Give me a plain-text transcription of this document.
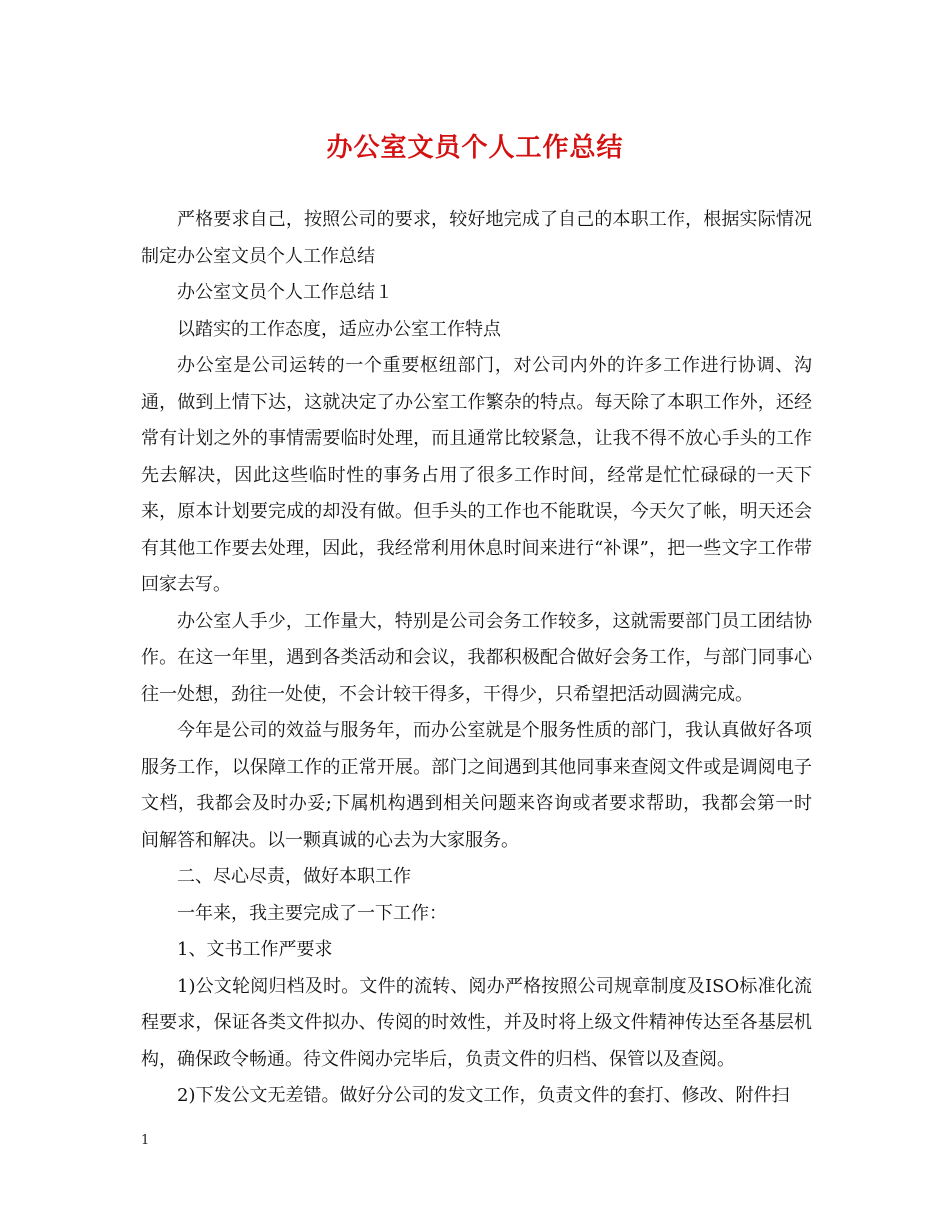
办公室文员个人工作总结

严格要求自己，按照公司的要求，较好地完成了自己的本职工作，根据实际情况制定办公室文员个人工作总结

办公室文员个人工作总结１

以踏实的工作态度，适应办公室工作特点

办公室是公司运转的一个重要枢纽部门，对公司内外的许多工作进行协调、沟通，做到上情下达，这就决定了办公室工作繁杂的特点。每天除了本职工作外，还经常有计划之外的事情需要临时处理，而且通常比较紧急，让我不得不放心手头的工作先去解决，因此这些临时性的事务占用了很多工作时间，经常是忙忙碌碌的一天下来，原本计划要完成的却没有做。但手头的工作也不能耽误，今天欠了帐，明天还会有其他工作要去处理，因此，我经常利用休息时间来进行“补课”，把一些文字工作带回家去写。

办公室人手少，工作量大，特别是公司会务工作较多，这就需要部门员工团结协作。在这一年里，遇到各类活动和会议，我都积极配合做好会务工作，与部门同事心往一处想，劲往一处使，不会计较干得多，干得少，只希望把活动圆满完成。

今年是公司的效益与服务年，而办公室就是个服务性质的部门，我认真做好各项服务工作，以保障工作的正常开展。部门之间遇到其他同事来查阅文件或是调阅电子文档，我都会及时办妥;下属机构遇到相关问题来咨询或者要求帮助，我都会第一时间解答和解决。以一颗真诚的心去为大家服务。

二、尽心尽责，做好本职工作

一年来，我主要完成了一下工作：

1、文书工作严要求

1)公文轮阅归档及时。文件的流转、阅办严格按照公司规章制度及ISO标准化流程要求，保证各类文件拟办、传阅的时效性，并及时将上级文件精神传达至各基层机构，确保政令畅通。待文件阅办完毕后，负责文件的归档、保管以及查阅。

2)下发公文无差错。做好分公司的发文工作，负责文件的套打、修改、附件扫

1
